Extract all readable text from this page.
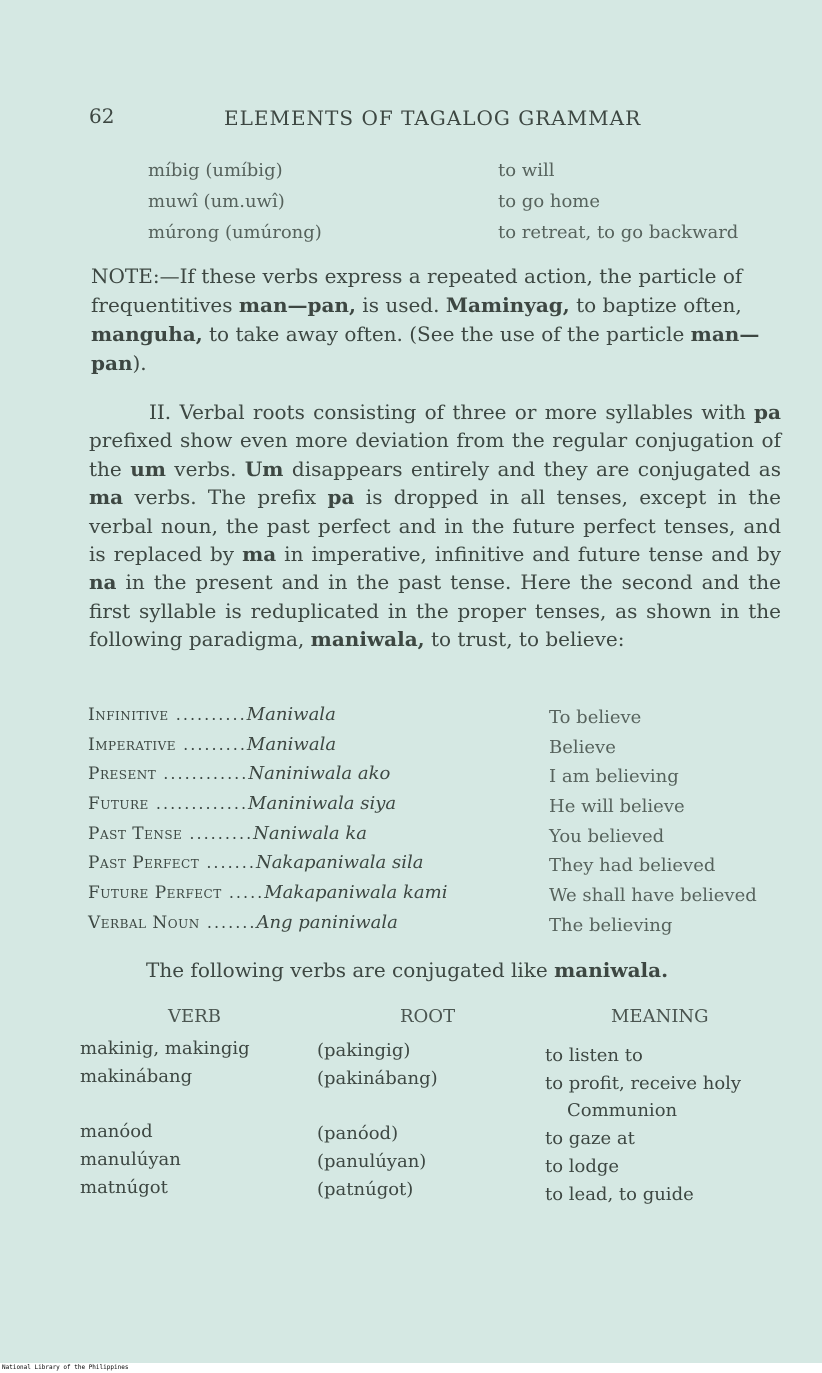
62	ELEMENTS OF TAGALOG GRAMMAR
míbig (umíbig)	to will
muwî (um.uwî)	to go home
múrong (umúrong)	to retreat, to go backward
NOTE:—If these verbs express a repeated action, the particle of frequentitives man—pan, is used. Maminyag, to baptize often, manguha, to take away often. (See the use of the particle man—pan).
II. Verbal roots consisting of three or more syllables with pa prefixed show even more deviation from the regular conjugation of the um verbs. Um disappears entirely and they are conjugated as ma verbs. The prefix pa is dropped in all tenses, except in the verbal noun, the past perfect and in the future perfect tenses, and is replaced by ma in imperative, infinitive and future tense and by na in the present and in the past tense. Here the second and the first syllable is reduplicated in the proper tenses, as shown in the following paradigma, maniwala, to trust, to believe:
Infinitive ..........Maniwala	To believe
Imperative .........Maniwala	Believe
Present ............Naniniwala ako	I am believing
Future .............Maniniwala siya	He will believe
Past Tense .........Naniwala ka	You believed
Past Perfect .......Nakapaniwala sila	They had believed
Future Perfect .....Makapaniwala kami	We shall have believed
Verbal Noun .......Ang paniniwala	The believing
The following verbs are conjugated like maniwala.
VERB	ROOT	MEANING
makinig, makingig	(pakingig)	to listen to
makinábang	(pakinábang)	to profit, receive holy
Communion
manóod	(panóod)	to gaze at
manulúyan	(panulúyan)	to lodge
matnúgot	(patnúgot)	to lead, to guide
National Library of the Philippines
